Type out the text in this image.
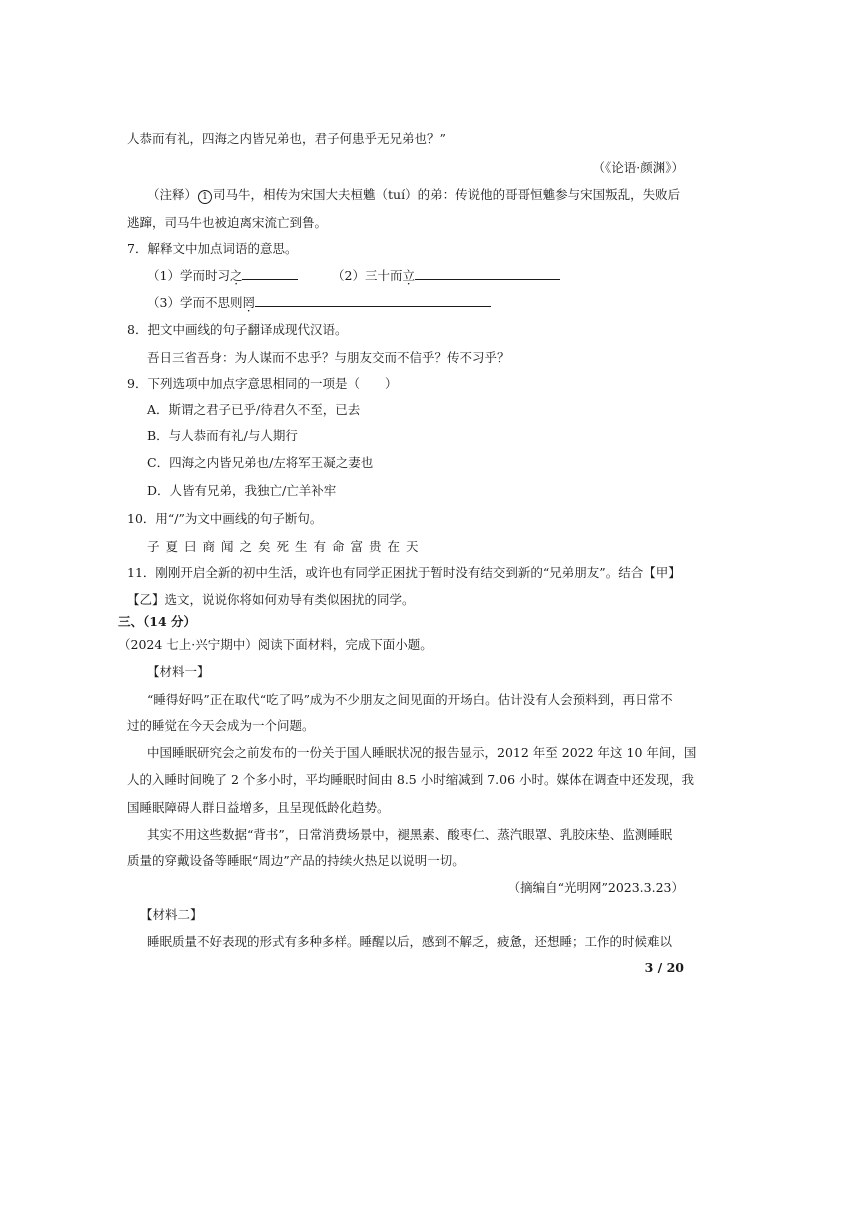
人恭而有礼，四海之内皆兄弟也，君子何患乎无兄弟也？”
（《论语·颜渊》）
（注释） 1 司马牛，相传为宋国大夫桓魋（tuí）的弟：传说他的哥哥恒魋参与宋国叛乱，失败后
逃蹿，司马牛也被迫离宋流亡到鲁。
7．解释文中加点词语的意思。
（1）学而时习之	（2）三十而立
（3）学而不思则罔
8．把文中画线的句子翻译成现代汉语。
吾日三省吾身：为人谋而不忠乎？与朋友交而不信乎？传不习乎？
9．下列选项中加点字意思相同的一项是（　　）
A．斯谓之君子已乎/待君久不至，已去
B．与人恭而有礼/与人期行
C．四海之内皆兄弟也/左将军王凝之妻也
D．人皆有兄弟，我独亡/亡羊补牢
10．用“/”为文中画线的句子断句。
子夏曰商闻之矣死生有命富贵在天
11．刚刚开启全新的初中生活，或许也有同学正困扰于暂时没有结交到新的“兄弟朋友”。结合【甲】
【乙】选文，说说你将如何劝导有类似困扰的同学。
三、（14 分）
（2024 七上·兴宁期中）阅读下面材料，完成下面小题。
【材料一】
“睡得好吗”正在取代“吃了吗”成为不少朋友之间见面的开场白。估计没有人会预料到，再日常不
过的睡觉在今天会成为一个问题。
中国睡眠研究会之前发布的一份关于国人睡眠状况的报告显示，2012 年至 2022 年这 10 年间，国
人的入睡时间晚了 2 个多小时，平均睡眠时间由 8.5 小时缩减到 7.06 小时。媒体在调查中还发现，我
国睡眠障碍人群日益增多，且呈现低龄化趋势。
其实不用这些数据“背书”，日常消费场景中，褪黑素、酸枣仁、蒸汽眼罩、乳胶床垫、监测睡眠
质量的穿戴设备等睡眠“周边”产品的持续火热足以说明一切。
（摘编自“光明网”2023.3.23）
【材料二】
睡眠质量不好表现的形式有多种多样。睡醒以后，感到不解乏，疲惫，还想睡；工作的时候难以
3 / 20
